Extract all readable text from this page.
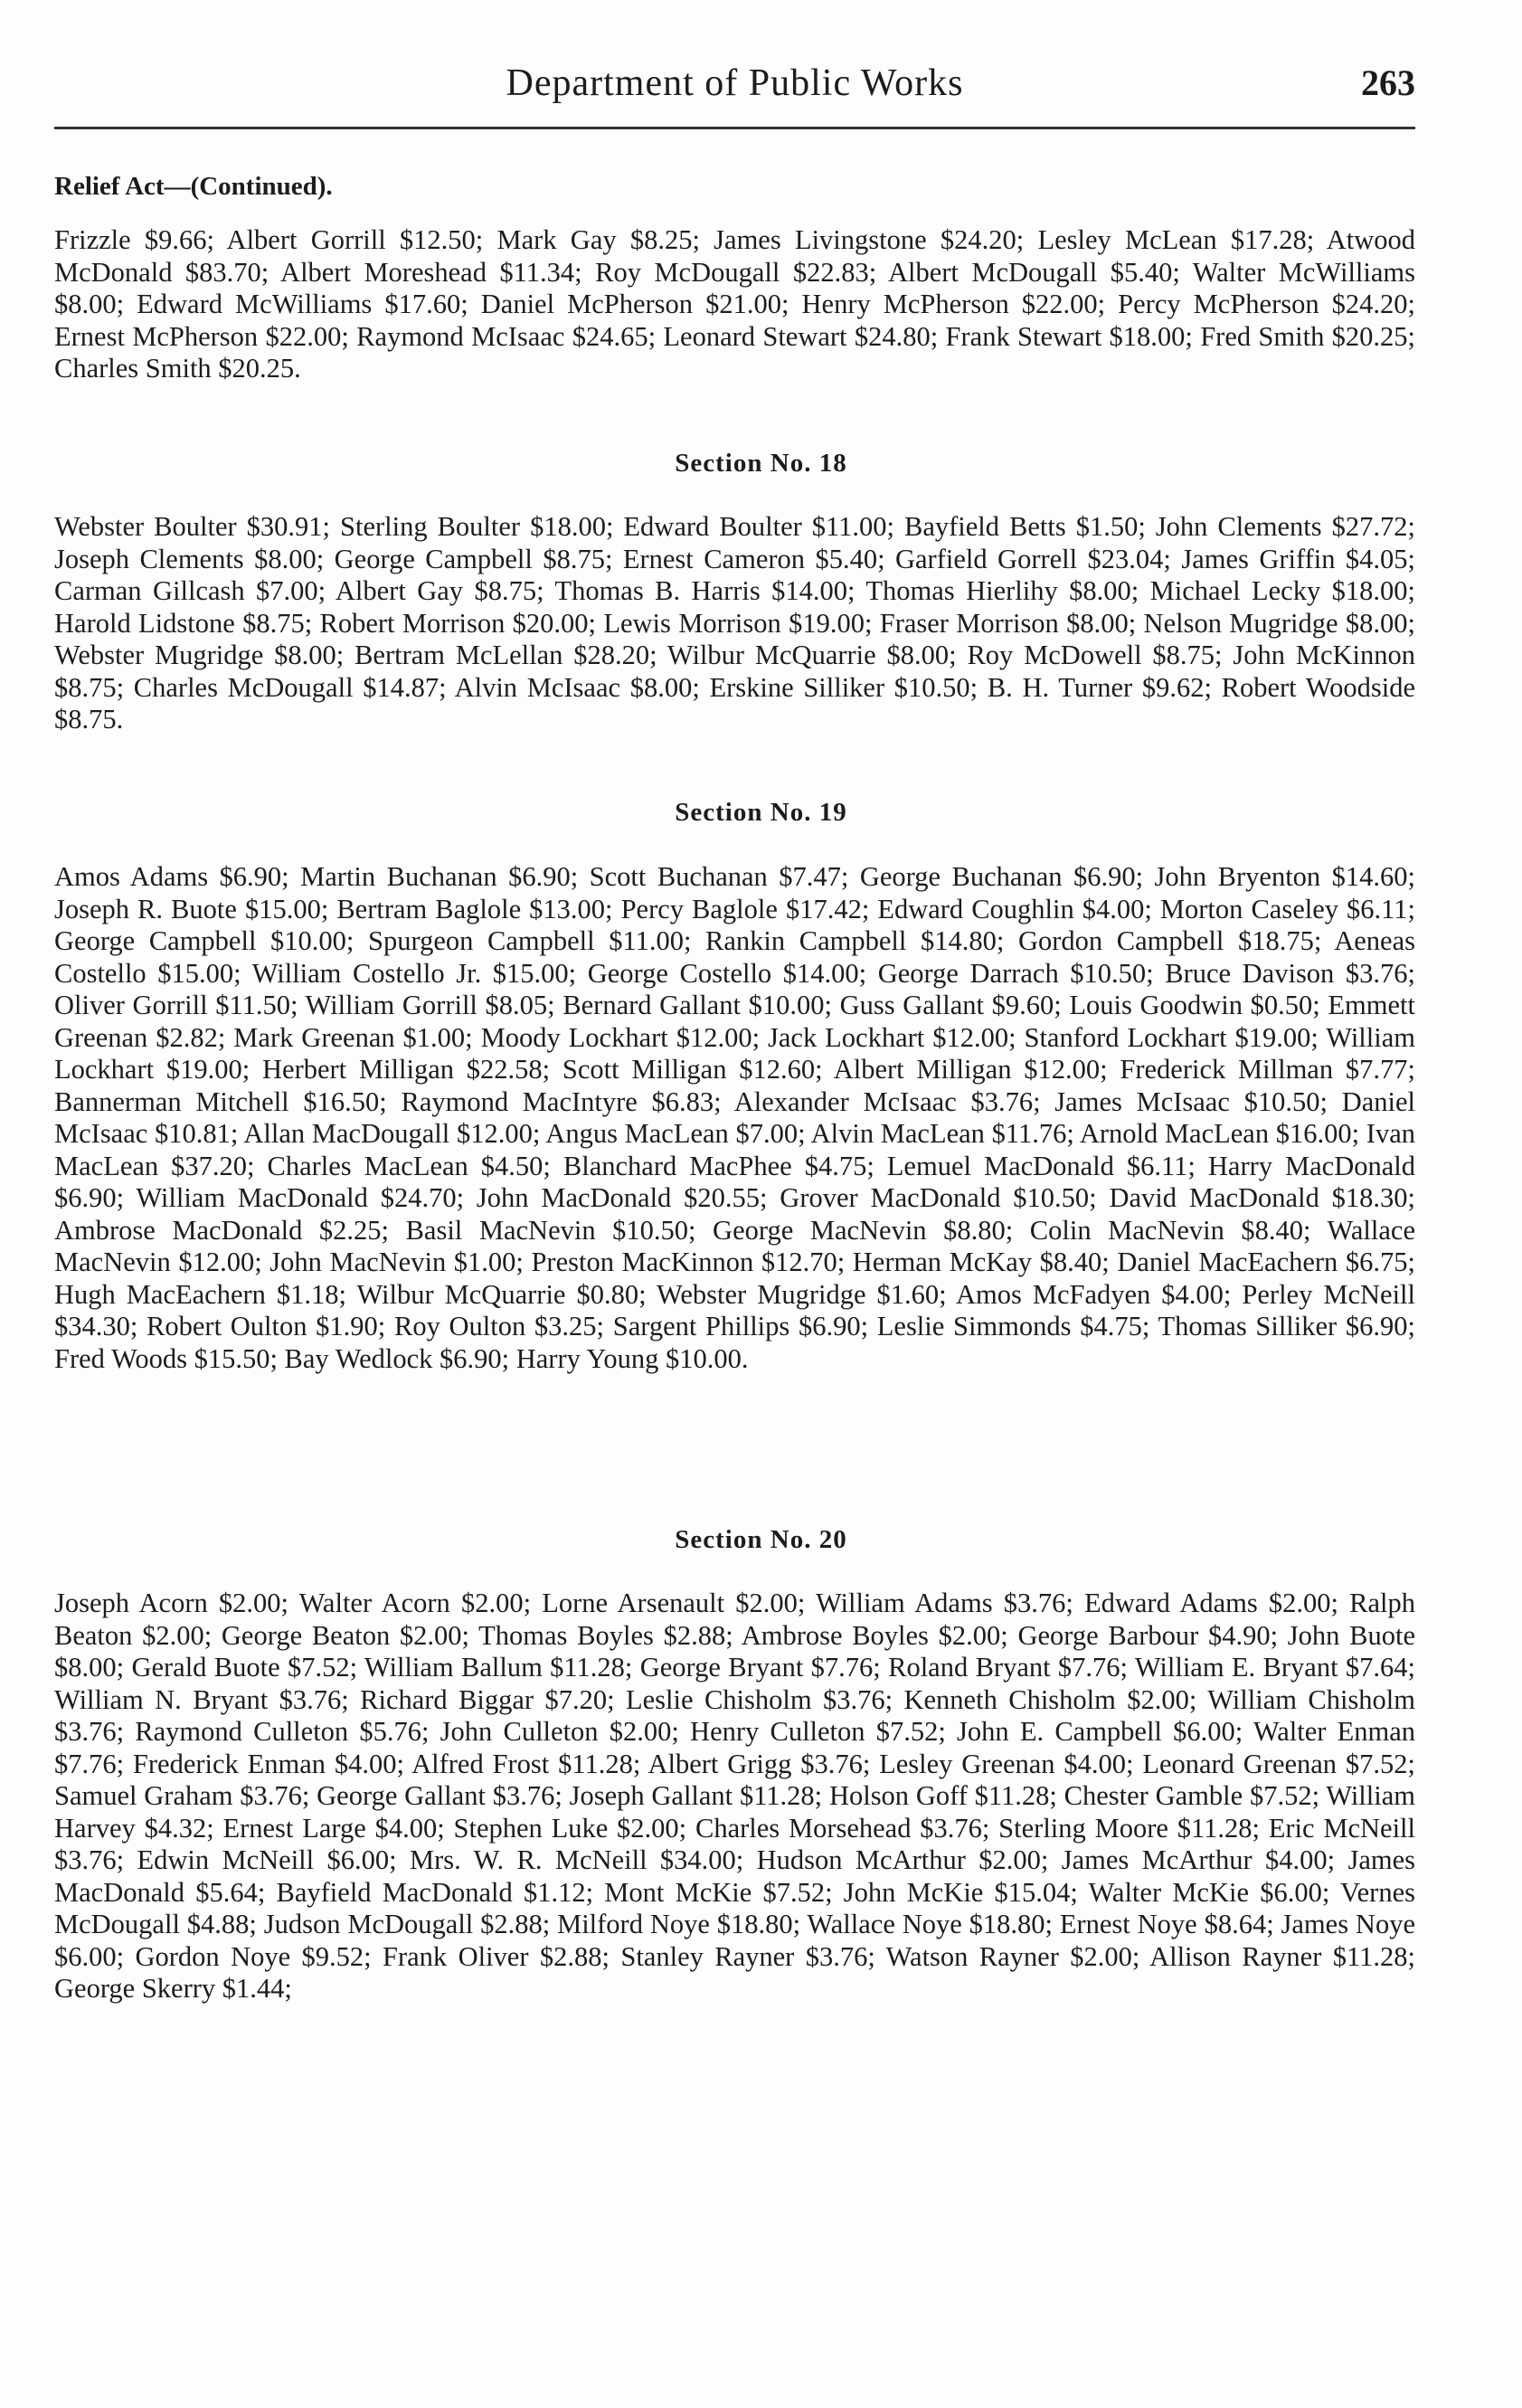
Department of Public Works	263
Relief Act—(Continued).

Frizzle $9.66; Albert Gorrill $12.50; Mark Gay $8.25; James Livingstone $24.20; Lesley McLean $17.28; Atwood McDonald $83.70; Albert Moreshead $11.34; Roy McDougall $22.83; Albert McDougall $5.40; Walter McWilliams $8.00; Edward McWilliams $17.60; Daniel McPherson $21.00; Henry McPherson $22.00; Percy McPherson $24.20; Ernest McPherson $22.00; Raymond McIsaac $24.65; Leonard Stewart $24.80; Frank Stewart $18.00; Fred Smith $20.25; Charles Smith $20.25.

Section No. 18

Webster Boulter $30.91; Sterling Boulter $18.00; Edward Boulter $11.00; Bayfield Betts $1.50; John Clements $27.72; Joseph Clements $8.00; George Campbell $8.75; Ernest Cameron $5.40; Garfield Gorrell $23.04; James Griffin $4.05; Carman Gillcash $7.00; Albert Gay $8.75; Thomas B. Harris $14.00; Thomas Hierlihy $8.00; Michael Lecky $18.00; Harold Lidstone $8.75; Robert Morrison $20.00; Lewis Morrison $19.00; Fraser Morrison $8.00; Nelson Mugridge $8.00; Webster Mugridge $8.00; Bertram McLellan $28.20; Wilbur McQuarrie $8.00; Roy McDowell $8.75; John McKinnon $8.75; Charles McDougall $14.87; Alvin McIsaac $8.00; Erskine Silliker $10.50; B. H. Turner $9.62; Robert Woodside $8.75.

Section No. 19

Amos Adams $6.90; Martin Buchanan $6.90; Scott Buchanan $7.47; George Buchanan $6.90; John Bryenton $14.60; Joseph R. Buote $15.00; Bertram Baglole $13.00; Percy Baglole $17.42; Edward Coughlin $4.00; Morton Caseley $6.11; George Campbell $10.00; Spurgeon Campbell $11.00; Rankin Campbell $14.80; Gordon Campbell $18.75; Aeneas Costello $15.00; William Costello Jr. $15.00; George Costello $14.00; George Darrach $10.50; Bruce Davison $3.76; Oliver Gorrill $11.50; William Gorrill $8.05; Bernard Gallant $10.00; Guss Gallant $9.60; Louis Goodwin $0.50; Emmett Greenan $2.82; Mark Greenan $1.00; Moody Lockhart $12.00; Jack Lockhart $12.00; Stanford Lockhart $19.00; William Lockhart $19.00; Herbert Milligan $22.58; Scott Milligan $12.60; Albert Milligan $12.00; Frederick Millman $7.77; Bannerman Mitchell $16.50; Raymond MacIntyre $6.83; Alexander McIsaac $3.76; James McIsaac $10.50; Daniel McIsaac $10.81; Allan MacDougall $12.00; Angus MacLean $7.00; Alvin MacLean $11.76; Arnold MacLean $16.00; Ivan MacLean $37.20; Charles MacLean $4.50; Blanchard MacPhee $4.75; Lemuel MacDonald $6.11; Harry MacDonald $6.90; William MacDonald $24.70; John MacDonald $20.55; Grover MacDonald $10.50; David MacDonald $18.30; Ambrose MacDonald $2.25; Basil MacNevin $10.50; George MacNevin $8.80; Colin MacNevin $8.40; Wallace MacNevin $12.00; John MacNevin $1.00; Preston MacKinnon $12.70; Herman McKay $8.40; Daniel MacEachern $6.75; Hugh MacEachern $1.18; Wilbur McQuarrie $0.80; Webster Mugridge $1.60; Amos McFadyen $4.00; Perley McNeill $34.30; Robert Oulton $1.90; Roy Oulton $3.25; Sargent Phillips $6.90; Leslie Simmonds $4.75; Thomas Silliker $6.90; Fred Woods $15.50; Bay Wedlock $6.90; Harry Young $10.00.

Section No. 20

Joseph Acorn $2.00; Walter Acorn $2.00; Lorne Arsenault $2.00; William Adams $3.76; Edward Adams $2.00; Ralph Beaton $2.00; George Beaton $2.00; Thomas Boyles $2.88; Ambrose Boyles $2.00; George Barbour $4.90; John Buote $8.00; Gerald Buote $7.52; William Ballum $11.28; George Bryant $7.76; Roland Bryant $7.76; William E. Bryant $7.64; William N. Bryant $3.76; Richard Biggar $7.20; Leslie Chisholm $3.76; Kenneth Chisholm $2.00; William Chisholm $3.76; Raymond Culleton $5.76; John Culleton $2.00; Henry Culleton $7.52; John E. Campbell $6.00; Walter Enman $7.76; Frederick Enman $4.00; Alfred Frost $11.28; Albert Grigg $3.76; Lesley Greenan $4.00; Leonard Greenan $7.52; Samuel Graham $3.76; George Gallant $3.76; Joseph Gallant $11.28; Holson Goff $11.28; Chester Gamble $7.52; William Harvey $4.32; Ernest Large $4.00; Stephen Luke $2.00; Charles Morsehead $3.76; Sterling Moore $11.28; Eric McNeill $3.76; Edwin McNeill $6.00; Mrs. W. R. McNeill $34.00; Hudson McArthur $2.00; James McArthur $4.00; James MacDonald $5.64; Bayfield MacDonald $1.12; Mont McKie $7.52; John McKie $15.04; Walter McKie $6.00; Vernes McDougall $4.88; Judson McDougall $2.88; Milford Noye $18.80; Wallace Noye $18.80; Ernest Noye $8.64; James Noye $6.00; Gordon Noye $9.52; Frank Oliver $2.88; Stanley Rayner $3.76; Watson Rayner $2.00; Allison Rayner $11.28; George Skerry $1.44;
